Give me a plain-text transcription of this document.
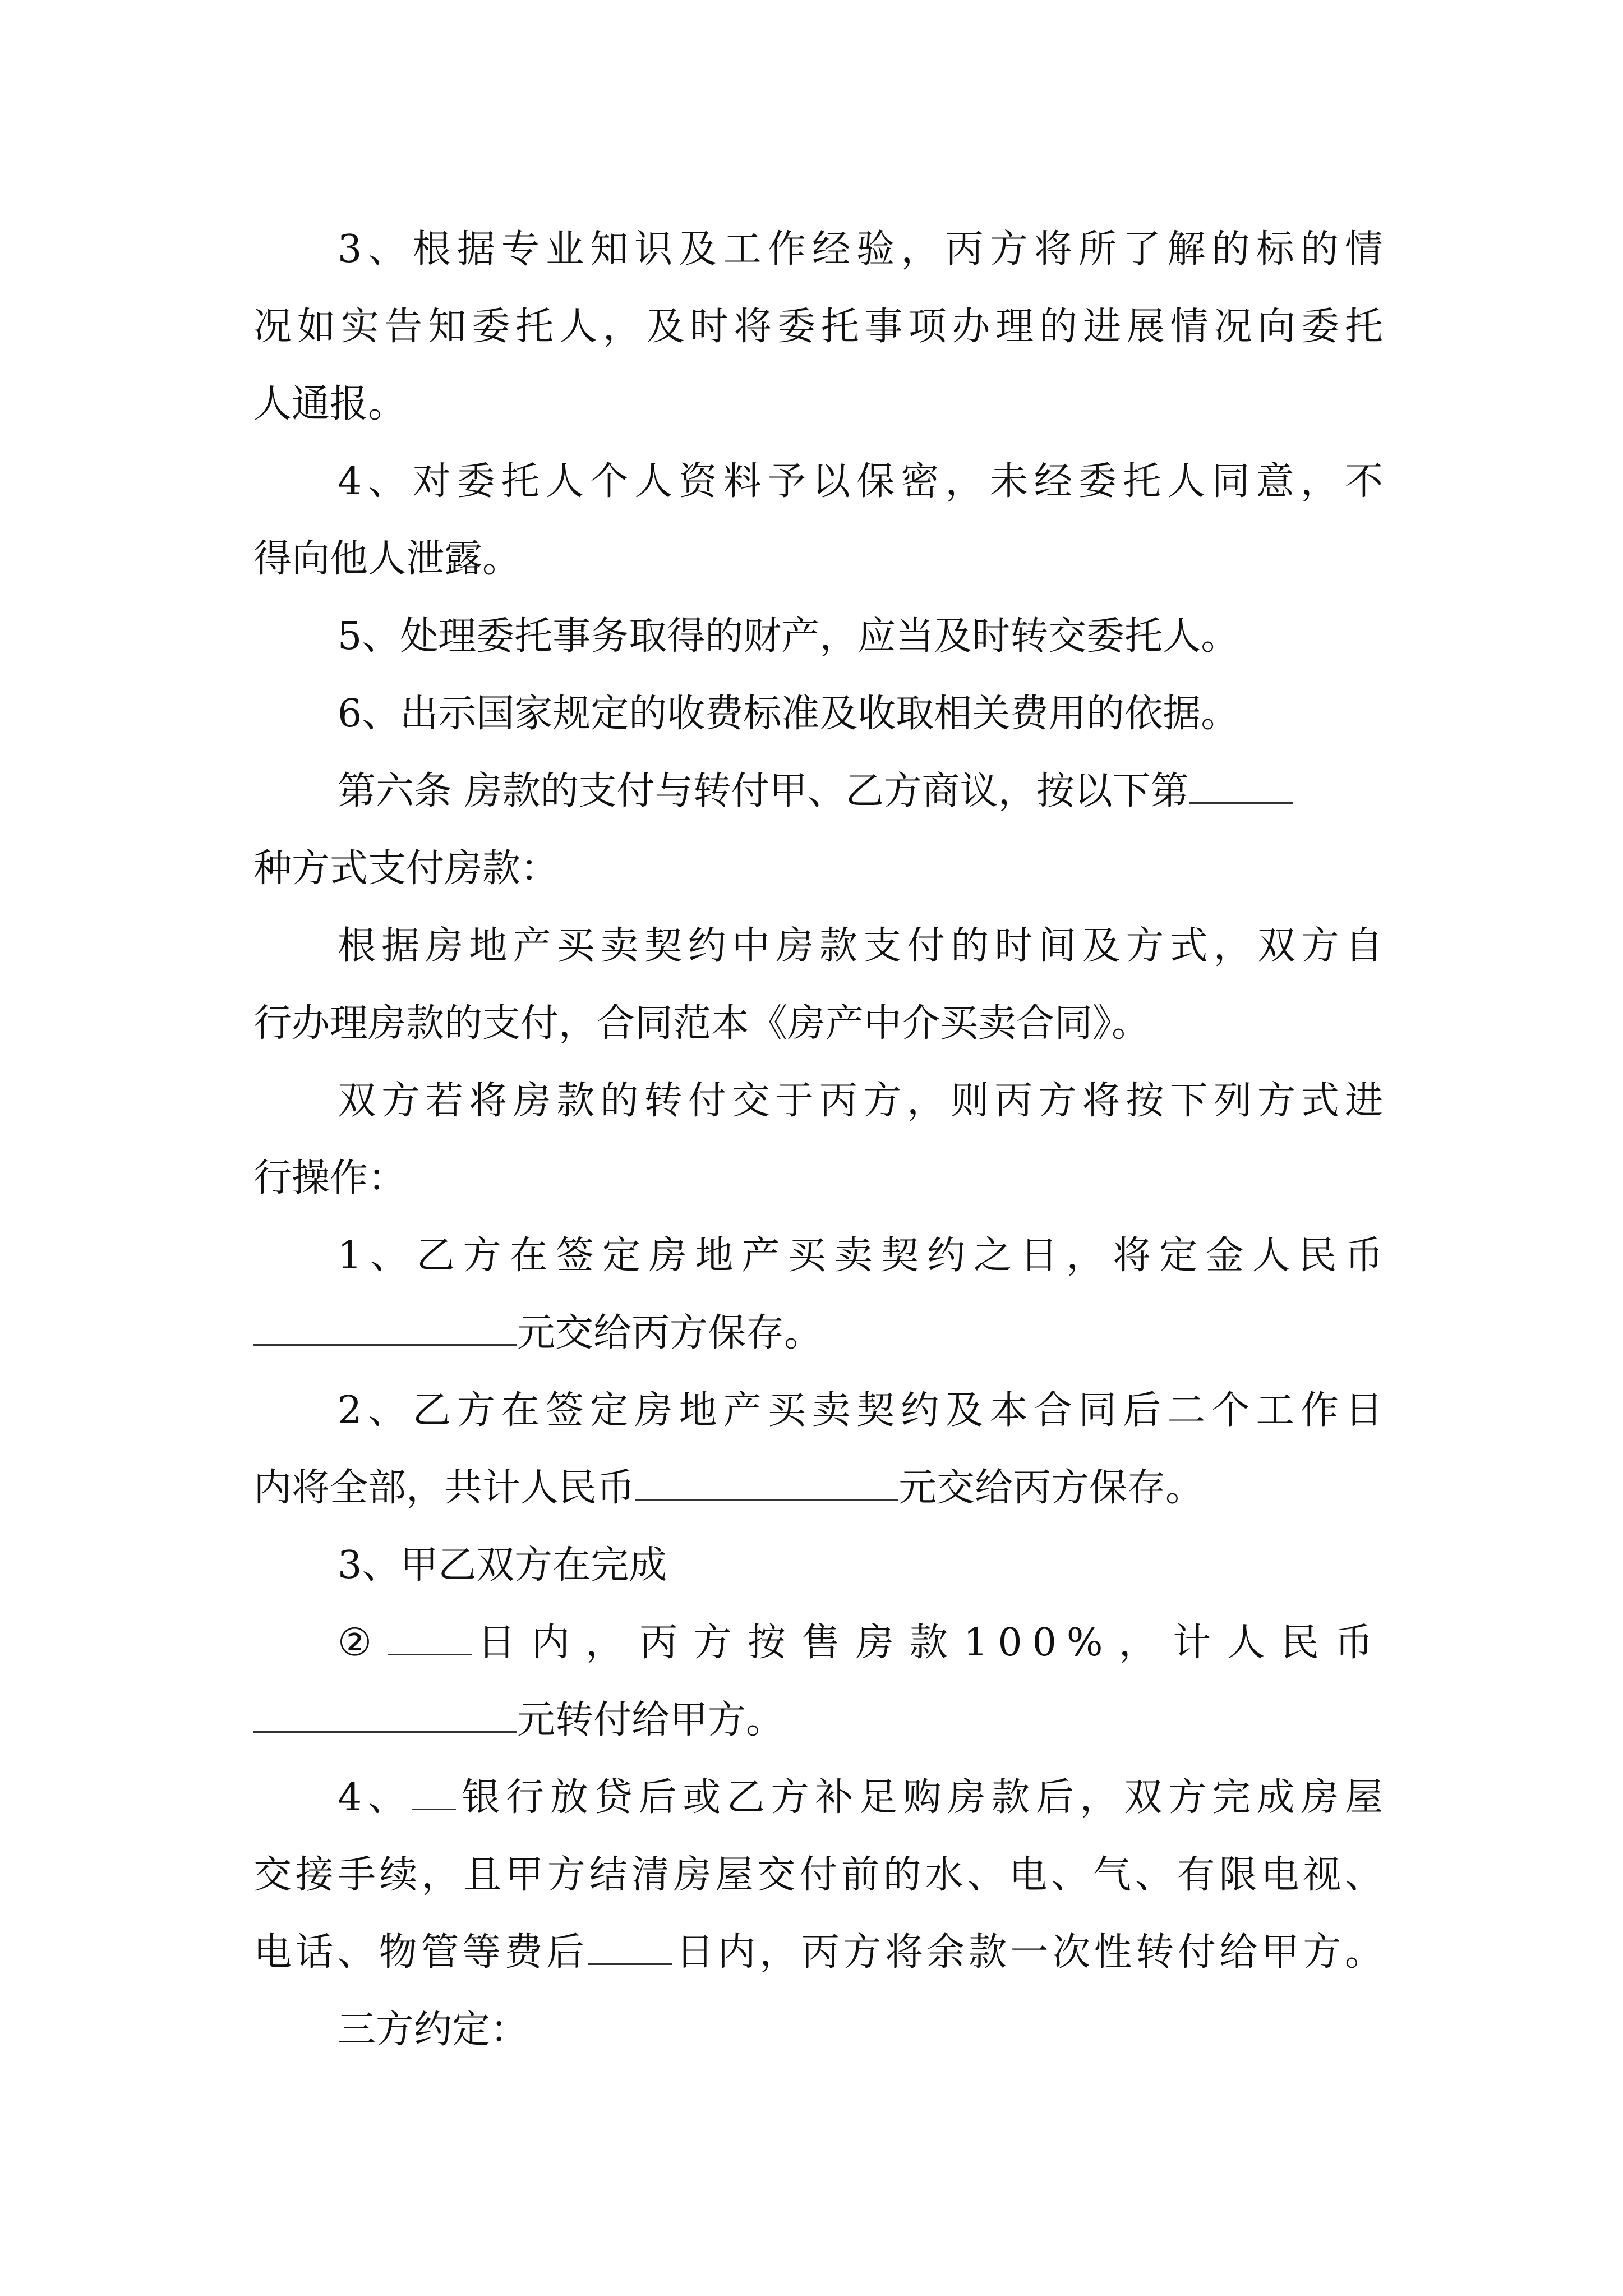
3、根据专业知识及工作经验，丙方将所了解的标的情

况如实告知委托人，及时将委托事项办理的进展情况向委托

人通报。

4、对委托人个人资料予以保密，未经委托人同意，不

得向他人泄露。

5、处理委托事务取得的财产，应当及时转交委托人。

6、出示国家规定的收费标准及收取相关费用的依据。

第六条 房款的支付与转付甲、乙方商议，按以下第

种方式支付房款：

根据房地产买卖契约中房款支付的时间及方式，双方自

行办理房款的支付，合同范本《房产中介买卖合同》。

双方若将房款的转付交于丙方，则丙方将按下列方式进

行操作：

1、乙方在签定房地产买卖契约之日，将定金人民币

元交给丙方保存。

2、乙方在签定房地产买卖契约及本合同后二个工作日

内将全部，共计人民币	元交给丙方保存。

3、甲乙双方在完成

② 日内，丙方按售房款100%，计人民币

元转付给甲方。

4、 银行放贷后或乙方补足购房款后，双方完成房屋

交接手续，且甲方结清房屋交付前的水、电、气、有限电视、

电话、物管等费后 日内，丙方将余款一次性转付给甲方。

三方约定：
